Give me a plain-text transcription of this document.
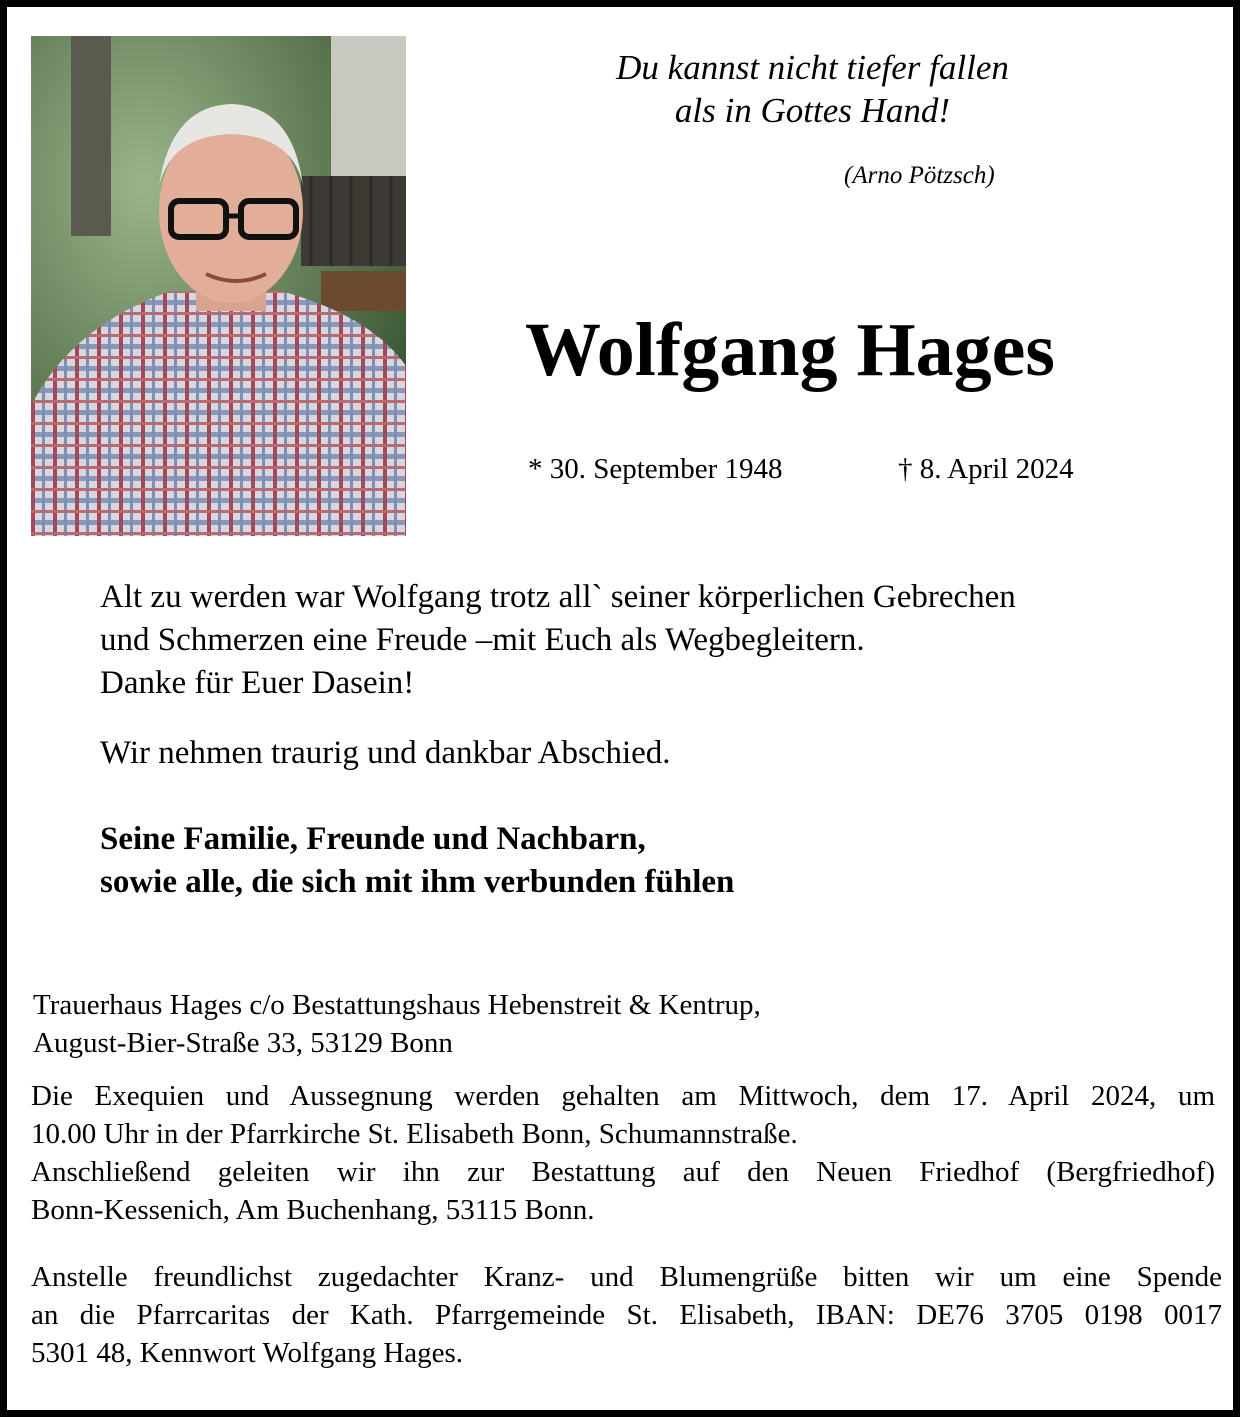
Du kannst nicht tiefer fallen
als in Gottes Hand!
(Arno Pötzsch)
Wolfgang Hages
* 30. September 1948	† 8. April 2024
Alt zu werden war Wolfgang trotz all` seiner körperlichen Gebrechen
und Schmerzen eine Freude –mit Euch als Wegbegleitern.
Danke für Euer Dasein!
Wir nehmen traurig und dankbar Abschied.
Seine Familie, Freunde und Nachbarn,
sowie alle, die sich mit ihm verbunden fühlen
Trauerhaus Hages c/o Bestattungshaus Hebenstreit & Kentrup,
August-Bier-Straße 33, 53129 Bonn
Die Exequien und Aussegnung werden gehalten am Mittwoch, dem 17. April 2024, um
10.00 Uhr in der Pfarrkirche St. Elisabeth Bonn, Schumannstraße.
Anschließend geleiten wir ihn zur Bestattung auf den Neuen Friedhof (Bergfriedhof)
Bonn-Kessenich, Am Buchenhang, 53115 Bonn.
Anstelle freundlichst zugedachter Kranz- und Blumengrüße bitten wir um eine Spende
an die Pfarrcaritas der Kath. Pfarrgemeinde St. Elisabeth, IBAN: DE76 3705 0198 0017
5301 48, Kennwort Wolfgang Hages.
